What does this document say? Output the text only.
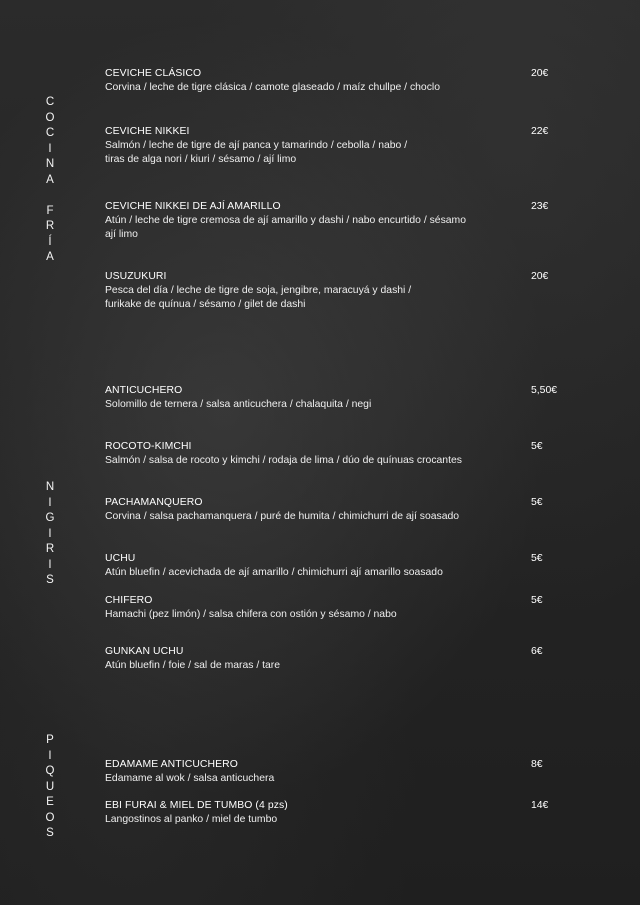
C
O
C
I
N
A
F
R
Í
A
CEVICHE CLÁSICO
Corvina / leche de tigre clásica / camote glaseado / maíz chullpe / choclo
20€
CEVICHE NIKKEI
Salmón / leche de tigre de ají panca y tamarindo / cebolla / nabo /
tiras de alga nori / kiuri / sésamo / ají limo
22€
CEVICHE NIKKEI DE AJÍ AMARILLO
Atún / leche de tigre cremosa de ají amarillo y dashi / nabo encurtido / sésamo
ají limo
23€
USUZUKURI
Pesca del día / leche de tigre de soja, jengibre, maracuyá y dashi /
furikake de quínua / sésamo / gilet de dashi
20€
N
I
G
I
R
I
S
ANTICUCHERO
Solomillo de ternera / salsa anticuchera / chalaquita / negi
5,50€
ROCOTO-KIMCHI
Salmón / salsa de rocoto y kimchi / rodaja de lima / dúo de quínuas crocantes
5€
PACHAMANQUERO
Corvina / salsa pachamanquera / puré de humita / chimichurri de ají soasado
5€
UCHU
Atún bluefin / acevichada de ají amarillo / chimichurri ají amarillo soasado
5€
CHIFERO
Hamachi (pez limón) / salsa chifera con ostión y sésamo / nabo
5€
GUNKAN UCHU
Atún bluefin / foie / sal de maras / tare
6€
P
I
Q
U
E
O
S
EDAMAME ANTICUCHERO
Edamame al wok / salsa anticuchera
8€
EBI FURAI & MIEL DE TUMBO (4 pzs)
Langostinos al panko / miel de tumbo
14€
